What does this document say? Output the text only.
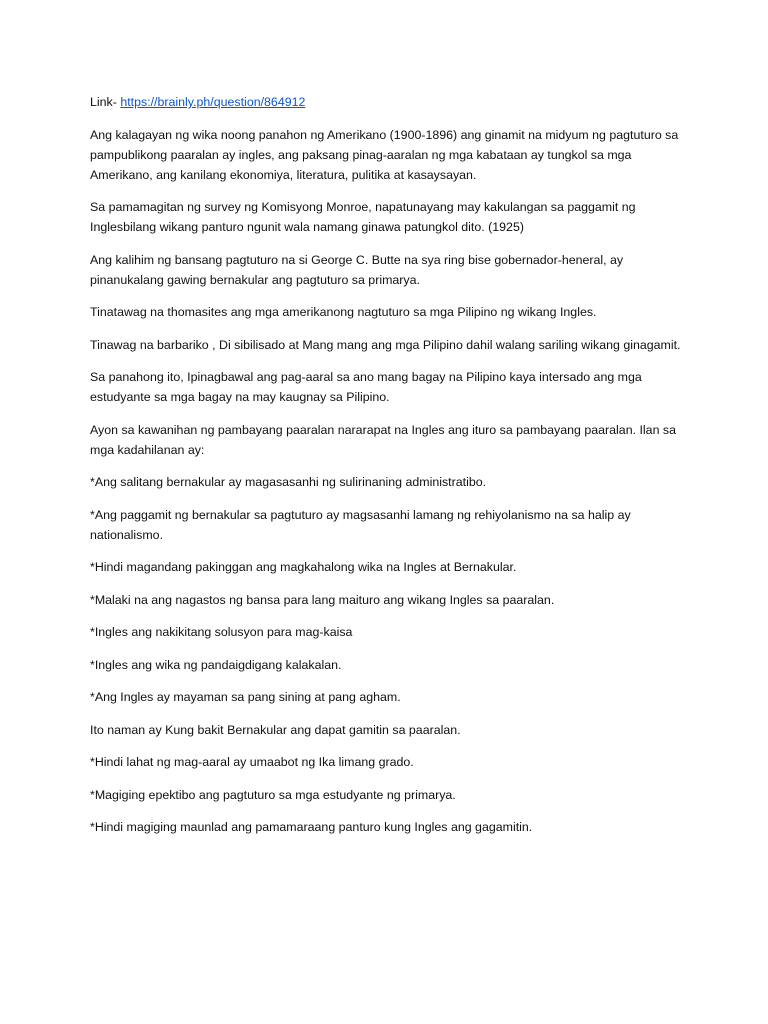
Link- https://brainly.ph/question/864912

Ang kalagayan ng wika noong panahon ng Amerikano (1900-1896) ang ginamit na midyum ng pagtuturo sa pampublikong paaralan ay ingles, ang paksang pinag-aaralan ng mga kabataan ay tungkol sa mga Amerikano, ang kanilang ekonomiya, literatura, pulitika at kasaysayan.

Sa pamamagitan ng survey ng Komisyong Monroe, napatunayang may kakulangan sa paggamit ng Inglesbilang wikang panturo ngunit wala namang ginawa patungkol dito. (1925)

Ang kalihim ng bansang pagtuturo na si George C. Butte na sya ring bise gobernador-heneral, ay pinanukalang gawing bernakular ang pagtuturo sa primarya.

Tinatawag na thomasites ang mga amerikanong nagtuturo sa mga Pilipino ng wikang Ingles.

Tinawag na barbariko , Di sibilisado at Mang mang ang mga Pilipino dahil walang sariling wikang ginagamit.

Sa panahong ito, Ipinagbawal ang pag-aaral sa ano mang bagay na Pilipino kaya intersado ang mga estudyante sa mga bagay na may kaugnay sa Pilipino.

Ayon sa kawanihan ng pambayang paaralan nararapat na Ingles ang ituro sa pambayang paaralan. Ilan sa mga kadahilanan ay:

*Ang salitang bernakular ay magasasanhi ng sulirinaning administratibo.

*Ang paggamit ng bernakular sa pagtuturo ay magsasanhi lamang ng rehiyolanismo na sa halip ay nationalismo.

*Hindi magandang pakinggan ang magkahalong wika na Ingles at Bernakular.

*Malaki na ang nagastos ng bansa para lang maituro ang wikang Ingles sa paaralan.

*Ingles ang nakikitang solusyon para mag-kaisa

*Ingles ang wika ng pandaigdigang kalakalan.

*Ang Ingles ay mayaman sa pang sining at pang agham.

Ito naman ay Kung bakit Bernakular ang dapat gamitin sa paaralan.

*Hindi lahat ng mag-aaral ay umaabot ng Ika limang grado.

*Magiging epektibo ang pagtuturo sa mga estudyante ng primarya.

*Hindi magiging maunlad ang pamamaraang panturo kung Ingles ang gagamitin.
